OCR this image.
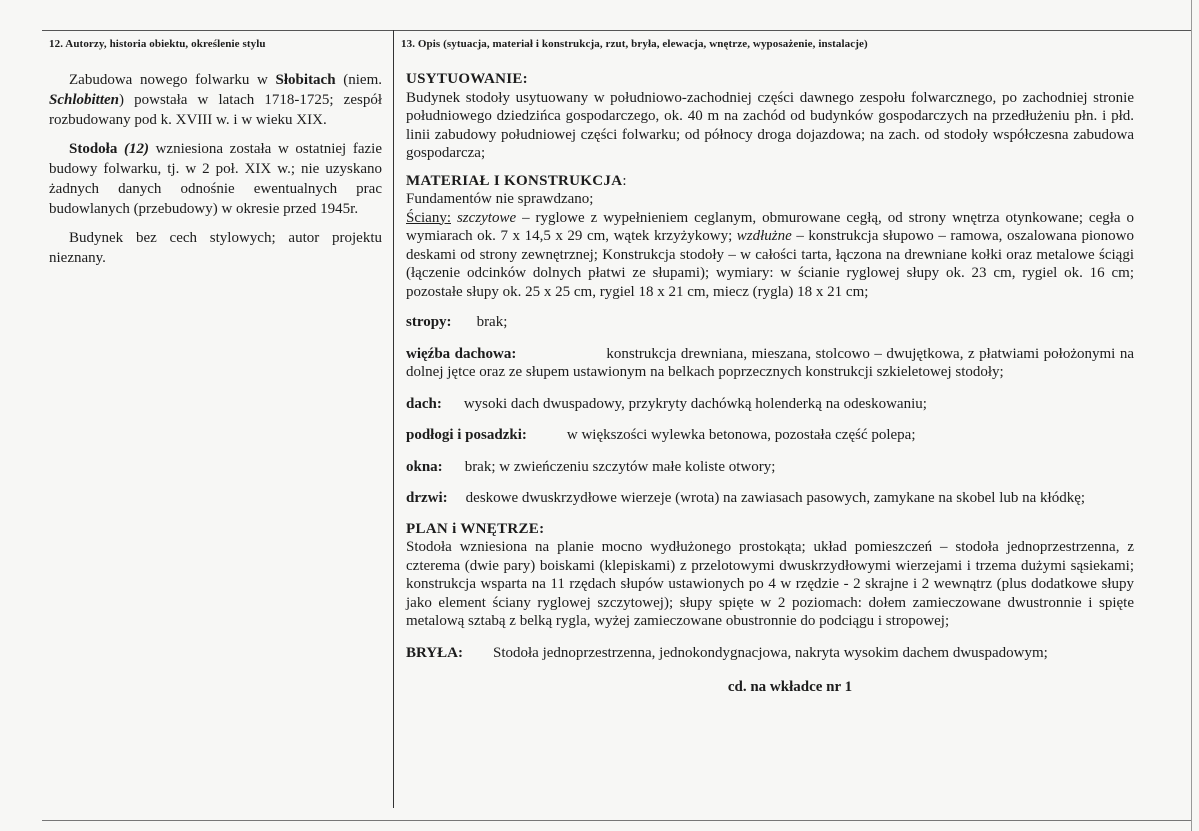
12. Autorzy, historia obiektu, określenie stylu	13. Opis (sytuacja, materiał i konstrukcja, rzut, bryła, elewacja, wnętrze, wyposażenie, instalacje)

Zabudowa nowego folwarku w Słobitach (niem. Schlobitten) powstała w latach 1718-1725; zespół rozbudowany pod k. XVIII w. i w wieku XIX.

Stodoła (12) wzniesiona została w ostatniej fazie budowy folwarku, tj. w 2 poł. XIX w.; nie uzyskano żadnych danych odnośnie ewentualnych prac budowlanych (przebudowy) w okresie przed 1945r.

Budynek bez cech stylowych; autor projektu nieznany.

USYTUOWANIE:

Budynek stodoły usytuowany w południowo-zachodniej części dawnego zespołu folwarcznego, po zachodniej stronie południowego dziedzińca gospodarczego, ok. 40 m na zachód od budynków gospodarczych na przedłużeniu płn. i płd. linii zabudowy południowej części folwarku; od północy droga dojazdowa; na zach. od stodoły współczesna zabudowa gospodarcza;

MATERIAŁ I KONSTRUKCJA:

Fundamentów nie sprawdzano;

Ściany: szczytowe – ryglowe z wypełnieniem ceglanym, obmurowane cegłą, od strony wnętrza otynkowane; cegła o wymiarach ok. 7 x 14,5 x 29 cm, wątek krzyżykowy; wzdłużne – konstrukcja słupowo – ramowa, oszalowana pionowo deskami od strony zewnętrznej; Konstrukcja stodoły – w całości tarta, łączona na drewniane kołki oraz metalowe ściągi (łączenie odcinków dolnych płatwi ze słupami); wymiary: w ścianie ryglowej słupy ok. 23 cm, rygiel ok. 16 cm; pozostałe słupy ok. 25 x 25 cm, rygiel 18 x 21 cm, miecz (rygla) 18 x 21 cm;

stropy: brak;

więźba dachowa:	konstrukcja drewniana, mieszana, stolcowo – dwujętkowa, z płatwiami położonymi na dolnej jętce oraz ze słupem ustawionym na belkach poprzecznych konstrukcji szkieletowej stodoły;

dach: wysoki dach dwuspadowy, przykryty dachówką holenderką na odeskowaniu;

podłogi i posadzki:	w większości wylewka betonowa, pozostała część polepa;

okna: brak; w zwieńczeniu szczytów małe koliste otwory;

drzwi: deskowe dwuskrzydłowe wierzeje (wrota) na zawiasach pasowych, zamykane na skobel lub na kłódkę;

PLAN i WNĘTRZE:

Stodoła wzniesiona na planie mocno wydłużonego prostokąta; układ pomieszczeń – stodoła jednoprzestrzenna, z czterema (dwie pary) boiskami (klepiskami) z przelotowymi dwuskrzydłowymi wierzejami i trzema dużymi sąsiekami; konstrukcja wsparta na 11 rzędach słupów ustawionych po 4 w rzędzie - 2 skrajne i 2 wewnątrz (plus dodatkowe słupy jako element ściany ryglowej szczytowej); słupy spięte w 2 poziomach: dołem zamieczowane dwustronnie i spięte metalową sztabą z belką rygla, wyżej zamieczowane obustronnie do podciągu i stropowej;

BRYŁA: Stodoła jednoprzestrzenna, jednokondygnacjowa, nakryta wysokim dachem dwuspadowym;

cd. na wkładce nr 1
